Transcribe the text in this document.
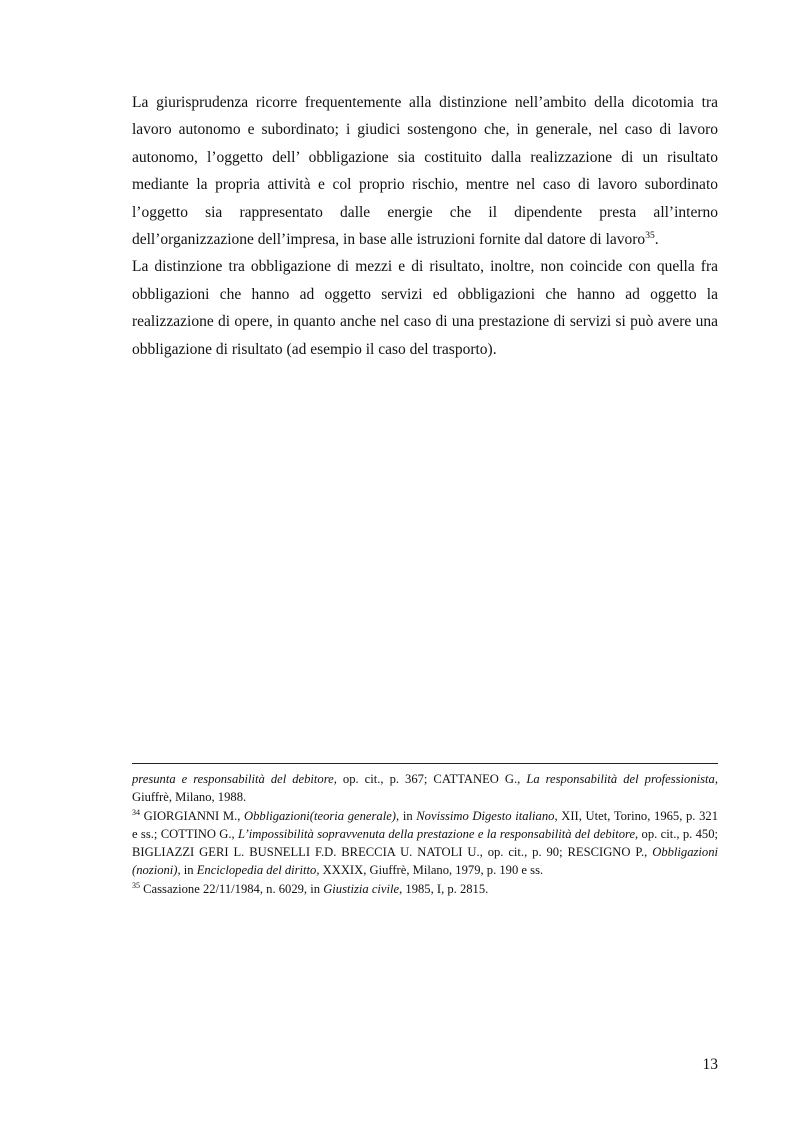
La giurisprudenza ricorre frequentemente alla distinzione nell’ambito della dicotomia tra lavoro autonomo e subordinato; i giudici sostengono che, in generale, nel caso di lavoro autonomo, l’oggetto dell’ obbligazione sia costituito dalla realizzazione di un risultato mediante la propria attività e col proprio rischio, mentre nel caso di lavoro subordinato l’oggetto sia rappresentato dalle energie che il dipendente presta all’interno dell’organizzazione dell’impresa, in base alle istruzioni fornite dal datore di lavoro$^{35}$.

La distinzione tra obbligazione di mezzi e di risultato, inoltre, non coincide con quella fra obbligazioni che hanno ad oggetto servizi ed obbligazioni che hanno ad oggetto la realizzazione di opere, in quanto anche nel caso di una prestazione di servizi si può avere una obbligazione di risultato (ad esempio il caso del trasporto).

presunta e responsabilità del debitore, op. cit., p. 367; CATTANEO G., La responsabilità del professionista, Giuffrè, Milano, 1988.

$^{34}$ GIORGIANNI M., Obbligazioni(teoria generale), in Novissimo Digesto italiano, XII, Utet, Torino, 1965, p. 321 e ss.; COTTINO G., L’impossibilità sopravvenuta della prestazione e la responsabilità del debitore, op. cit., p. 450; BIGLIAZZI GERI L. BUSNELLI F.D. BRECCIA U. NATOLI U., op. cit., p. 90; RESCIGNO P., Obbligazioni (nozioni), in Enciclopedia del diritto, XXXIX, Giuffrè, Milano, 1979, p. 190 e ss.

$^{35}$ Cassazione 22/11/1984, n. 6029, in Giustizia civile, 1985, I, p. 2815.

13
